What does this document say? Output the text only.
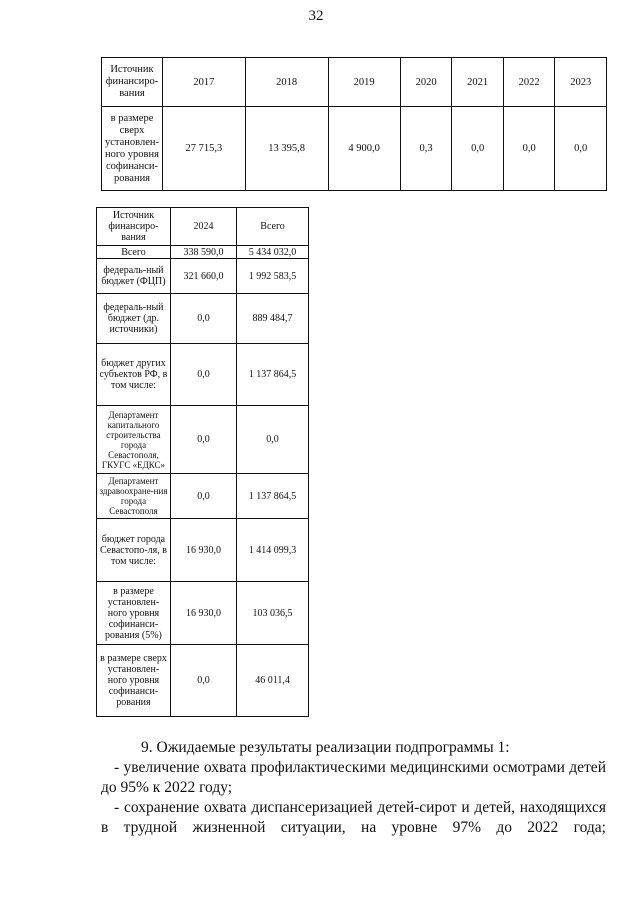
32
Источник финансиро-вания	2017	2018	2019	2020	2021	2022	2023
в размере сверх установлен-ного уровня софинанси-рования	27 715,3	13 395,8	4 900,0	0,3	0,0	0,0	0,0
Источник финансиро-вания	2024	Всего
Всего	338 590,0	5 434 032,0
федераль-ный бюджет (ФЦП)	321 660,0	1 992 583,5
федераль-ный бюджет (др. источники)	0,0	889 484,7
бюджет других субъектов РФ, в том числе:	0,0	1 137 864,5
Департамент капитального строительства города Севастополя, ГКУГС «ЕДКС»	0,0	0,0
Департамент здравоохране-ния города Севастополя	0,0	1 137 864,5
бюджет города Севастопо-ля, в том числе:	16 930,0	1 414 099,3
в размере установлен-ного уровня софинанси-рования (5%)	16 930,0	103 036,5
в размере сверх установлен-ного уровня софинанси-рования	0,0	46 011,4

9. Ожидаемые результаты реализации подпрограммы 1:

- увеличение охвата профилактическими медицинскими осмотрами детей до 95% к 2022 году;

- сохранение охвата диспансеризацией детей-сирот и детей, находящихся в трудной жизненной ситуации, на уровне 97% до 2022 года;
